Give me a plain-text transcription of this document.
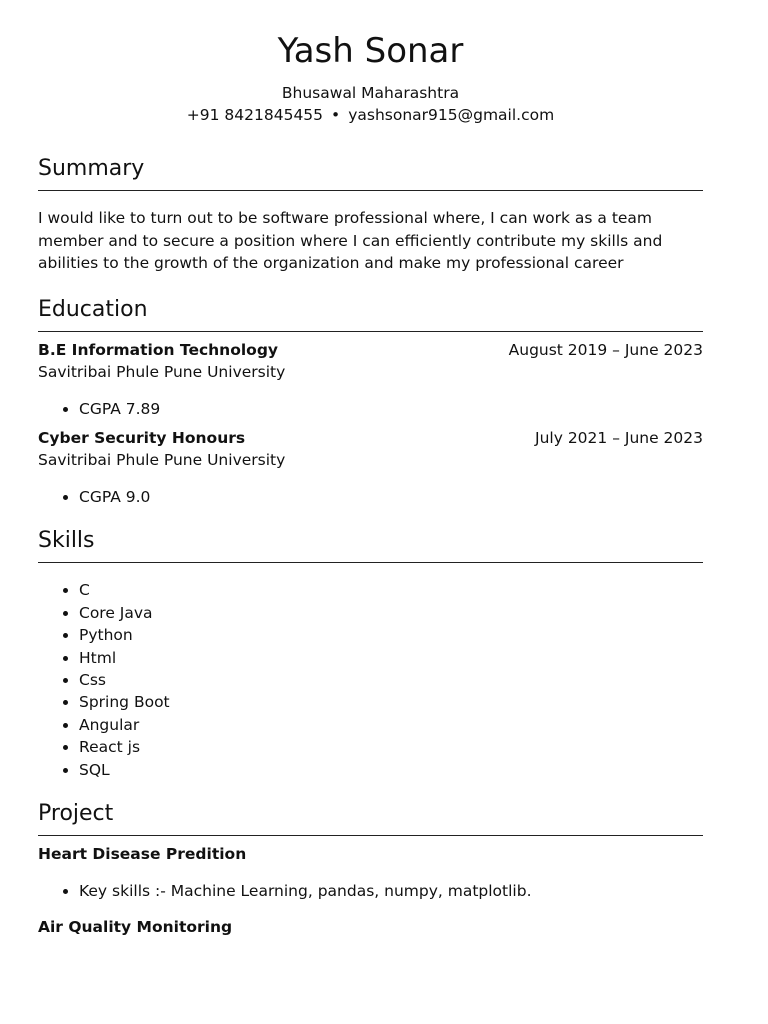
Yash Sonar

Bhusawal Maharashtra

+91 8421845455 • yashsonar915@gmail.com

Summary

I would like to turn out to be software professional where, I can work as a team member and to secure a position where I can efficiently contribute my skills and abilities to the growth of the organization and make my professional career

Education
B.E Information Technology	August 2019 – June 2023
Savitribai Phule Pune University
• CGPA 7.89
Cyber Security Honours	July 2021 – June 2023
Savitribai Phule Pune University
• CGPA 9.0
Skills
• C
• Core Java
• Python
• Html
• Css
• Spring Boot
• Angular
• React js
• SQL
Project
Heart Disease Predition
• Key skills :- Machine Learning, pandas, numpy, matplotlib.
Air Quality Monitoring
